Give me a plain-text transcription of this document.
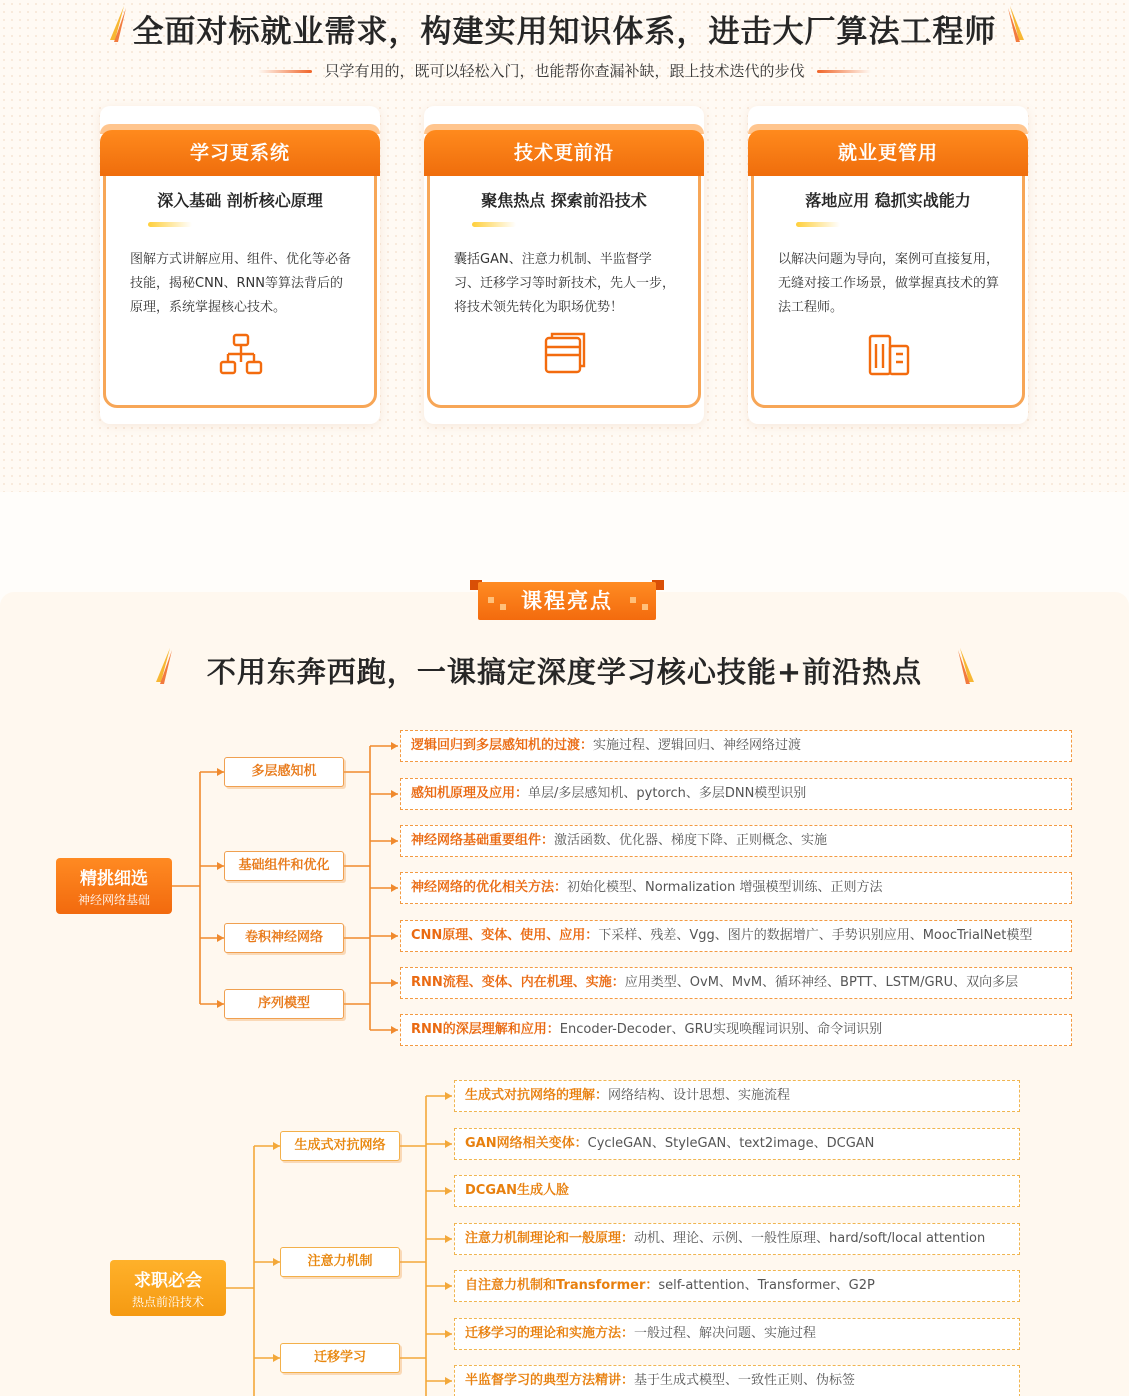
全面对标就业需求，构建实用知识体系，进击大厂算法工程师
只学有用的，既可以轻松入门，也能帮你查漏补缺，跟上技术迭代的步伐
学习更系统
深入基础 剖析核心原理
图解方式讲解应用、组件、优化等必备技能，揭秘CNN、RNN等算法背后的原理，系统掌握核心技术。
技术更前沿
聚焦热点 探索前沿技术
囊括GAN、注意力机制、半监督学习、迁移学习等时新技术，先人一步，将技术领先转化为职场优势！
就业更管用
落地应用 稳抓实战能力
以解决问题为导向，案例可直接复用，无缝对接工作场景，做掌握真技术的算法工程师。
课程亮点
不用东奔西跑，一课搞定深度学习核心技能+前沿热点
精挑细选
神经网络基础
多层感知机
基础组件和优化
卷积神经网络
序列模型
逻辑回归到多层感知机的过渡：实施过程、逻辑回归、神经网络过渡
感知机原理及应用：单层/多层感知机、pytorch、多层DNN模型识别
神经网络基础重要组件：激活函数、优化器、梯度下降、正则概念、实施
神经网络的优化相关方法：初始化模型、Normalization 增强模型训练、正则方法
CNN原理、变体、使用、应用：下采样、残差、Vgg、图片的数据增广、手势识别应用、MoocTrialNet模型
RNN流程、变体、内在机理、实施：应用类型、OvM、MvM、循环神经、BPTT、LSTM/GRU、双向多层
RNN的深层理解和应用：Encoder-Decoder、GRU实现唤醒词识别、命令词识别
求职必会
热点前沿技术
生成式对抗网络
注意力机制
迁移学习
生成式对抗网络的理解：网络结构、设计思想、实施流程
GAN网络相关变体：CycleGAN、StyleGAN、text2image、DCGAN
DCGAN生成人脸
注意力机制理论和一般原理：动机、理论、示例、一般性原理、hard/soft/local attention
自注意力机制和Transformer：self-attention、Transformer、G2P
迁移学习的理论和实施方法：一般过程、解决问题、实施过程
半监督学习的典型方法精讲：基于生成式模型、一致性正则、伪标签
